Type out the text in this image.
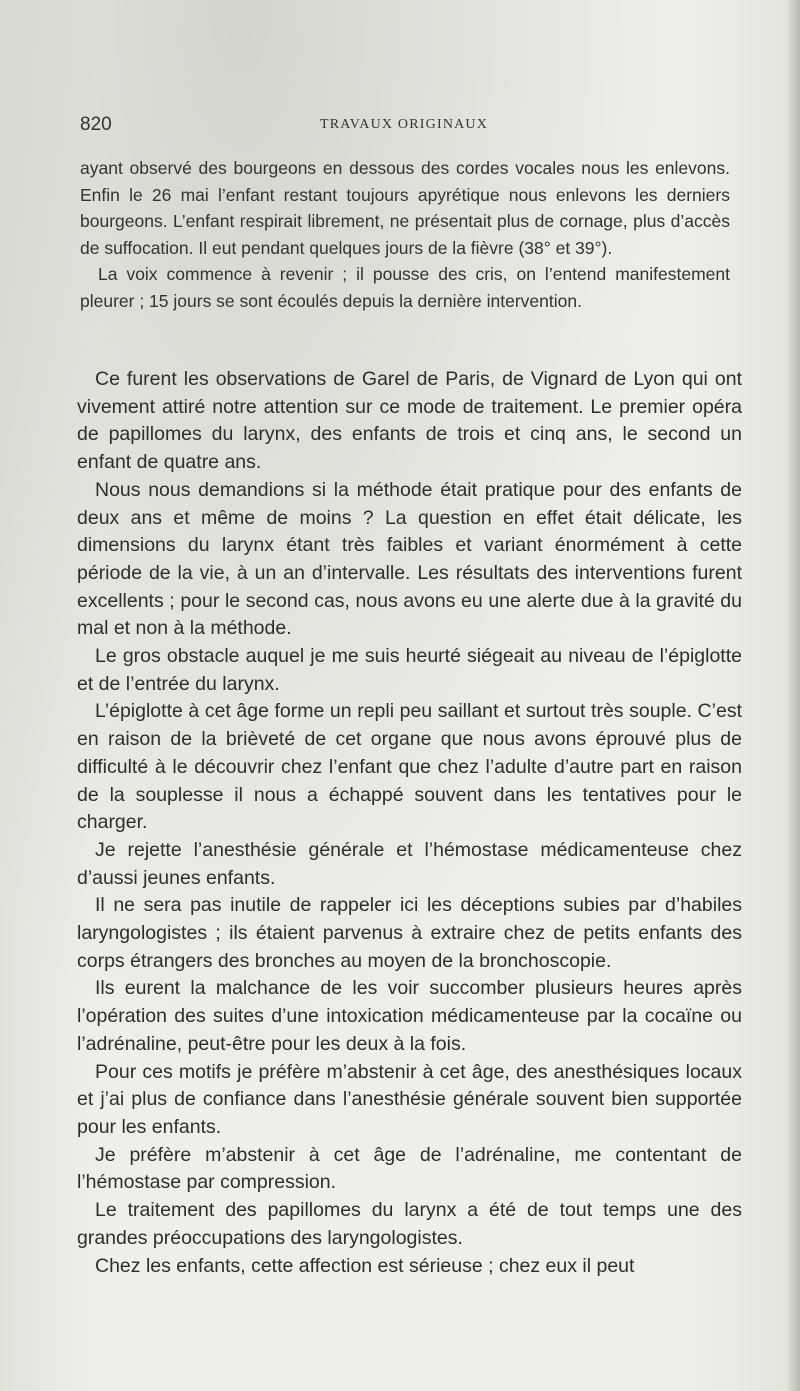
820	TRAVAUX ORIGINAUX

ayant observé des bourgeons en dessous des cordes vocales nous les enlevons. Enfin le 26 mai l’enfant restant toujours apyrétique nous enlevons les derniers bourgeons. L’enfant respirait librement, ne présentait plus de cornage, plus d’accès de suffocation. Il eut pendant quelques jours de la fièvre (38° et 39°).

La voix commence à revenir ; il pousse des cris, on l’entend manifestement pleurer ; 15 jours se sont écoulés depuis la dernière intervention.

Ce furent les observations de Garel de Paris, de Vignard de Lyon qui ont vivement attiré notre attention sur ce mode de traitement. Le premier opéra de papillomes du larynx, des enfants de trois et cinq ans, le second un enfant de quatre ans.

Nous nous demandions si la méthode était pratique pour des enfants de deux ans et même de moins ? La question en effet était délicate, les dimensions du larynx étant très faibles et variant énormément à cette période de la vie, à un an d’intervalle. Les résultats des interventions furent excellents ; pour le second cas, nous avons eu une alerte due à la gravité du mal et non à la méthode.

Le gros obstacle auquel je me suis heurté siégeait au niveau de l’épiglotte et de l’entrée du larynx.

L’épiglotte à cet âge forme un repli peu saillant et surtout très souple. C’est en raison de la brièveté de cet organe que nous avons éprouvé plus de difficulté à le découvrir chez l’enfant que chez l’adulte d’autre part en raison de la souplesse il nous a échappé souvent dans les tentatives pour le charger.

Je rejette l’anesthésie générale et l’hémostase médicamenteuse chez d’aussi jeunes enfants.

Il ne sera pas inutile de rappeler ici les déceptions subies par d’habiles laryngologistes ; ils étaient parvenus à extraire chez de petits enfants des corps étrangers des bronches au moyen de la bronchoscopie.

Ils eurent la malchance de les voir succomber plusieurs heures après l’opération des suites d’une intoxication médicamenteuse par la cocaïne ou l’adrénaline, peut-être pour les deux à la fois.

Pour ces motifs je préfère m’abstenir à cet âge, des anesthésiques locaux et j’ai plus de confiance dans l’anesthésie générale souvent bien supportée pour les enfants.

Je préfère m’abstenir à cet âge de l’adrénaline, me contentant de l’hémostase par compression.

Le traitement des papillomes du larynx a été de tout temps une des grandes préoccupations des laryngologistes.

Chez les enfants, cette affection est sérieuse ; chez eux il peut
